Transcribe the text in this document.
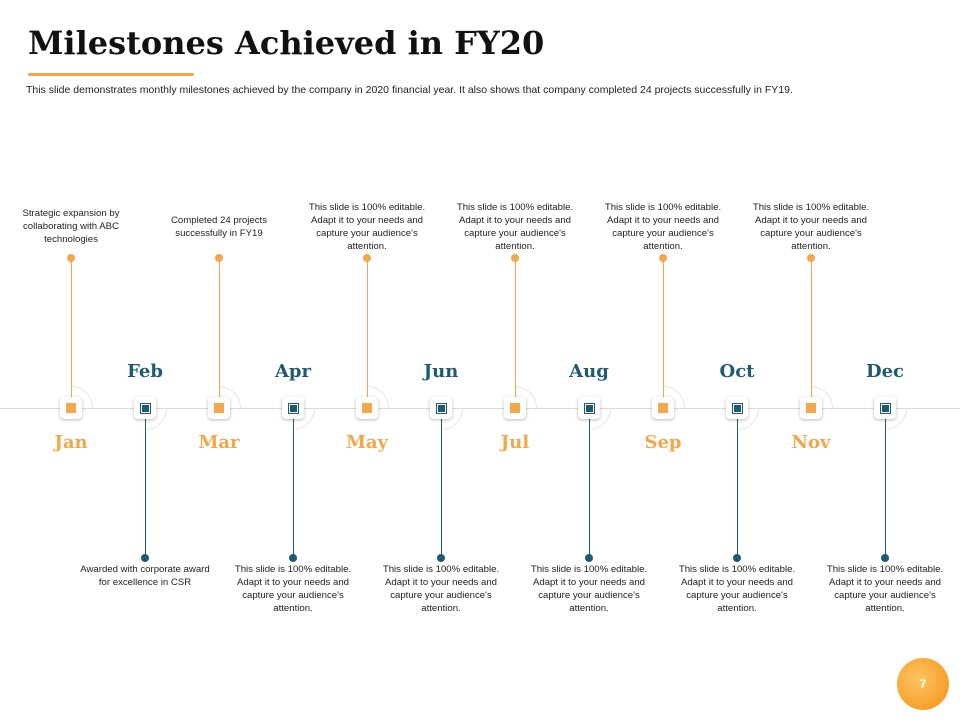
Milestones Achieved in FY20
This slide demonstrates monthly milestones achieved by the company in 2020 financial year. It also shows that company completed 24 projects successfully in FY19.
Jan
Strategic expansion by collaborating with ABC technologies
Feb
Awarded with corporate award for excellence in CSR
Mar
Completed 24 projects successfully in FY19
Apr
This slide is 100% editable. Adapt it to your needs and capture your audience's attention.
May
This slide is 100% editable. Adapt it to your needs and capture your audience's attention.
Jun
This slide is 100% editable. Adapt it to your needs and capture your audience's attention.
Jul
This slide is 100% editable. Adapt it to your needs and capture your audience's attention.
Aug
This slide is 100% editable. Adapt it to your needs and capture your audience's attention.
Sep
This slide is 100% editable. Adapt it to your needs and capture your audience's attention.
Oct
This slide is 100% editable. Adapt it to your needs and capture your audience's attention.
Nov
This slide is 100% editable. Adapt it to your needs and capture your audience's attention.
Dec
This slide is 100% editable. Adapt it to your needs and capture your audience's attention.
7
